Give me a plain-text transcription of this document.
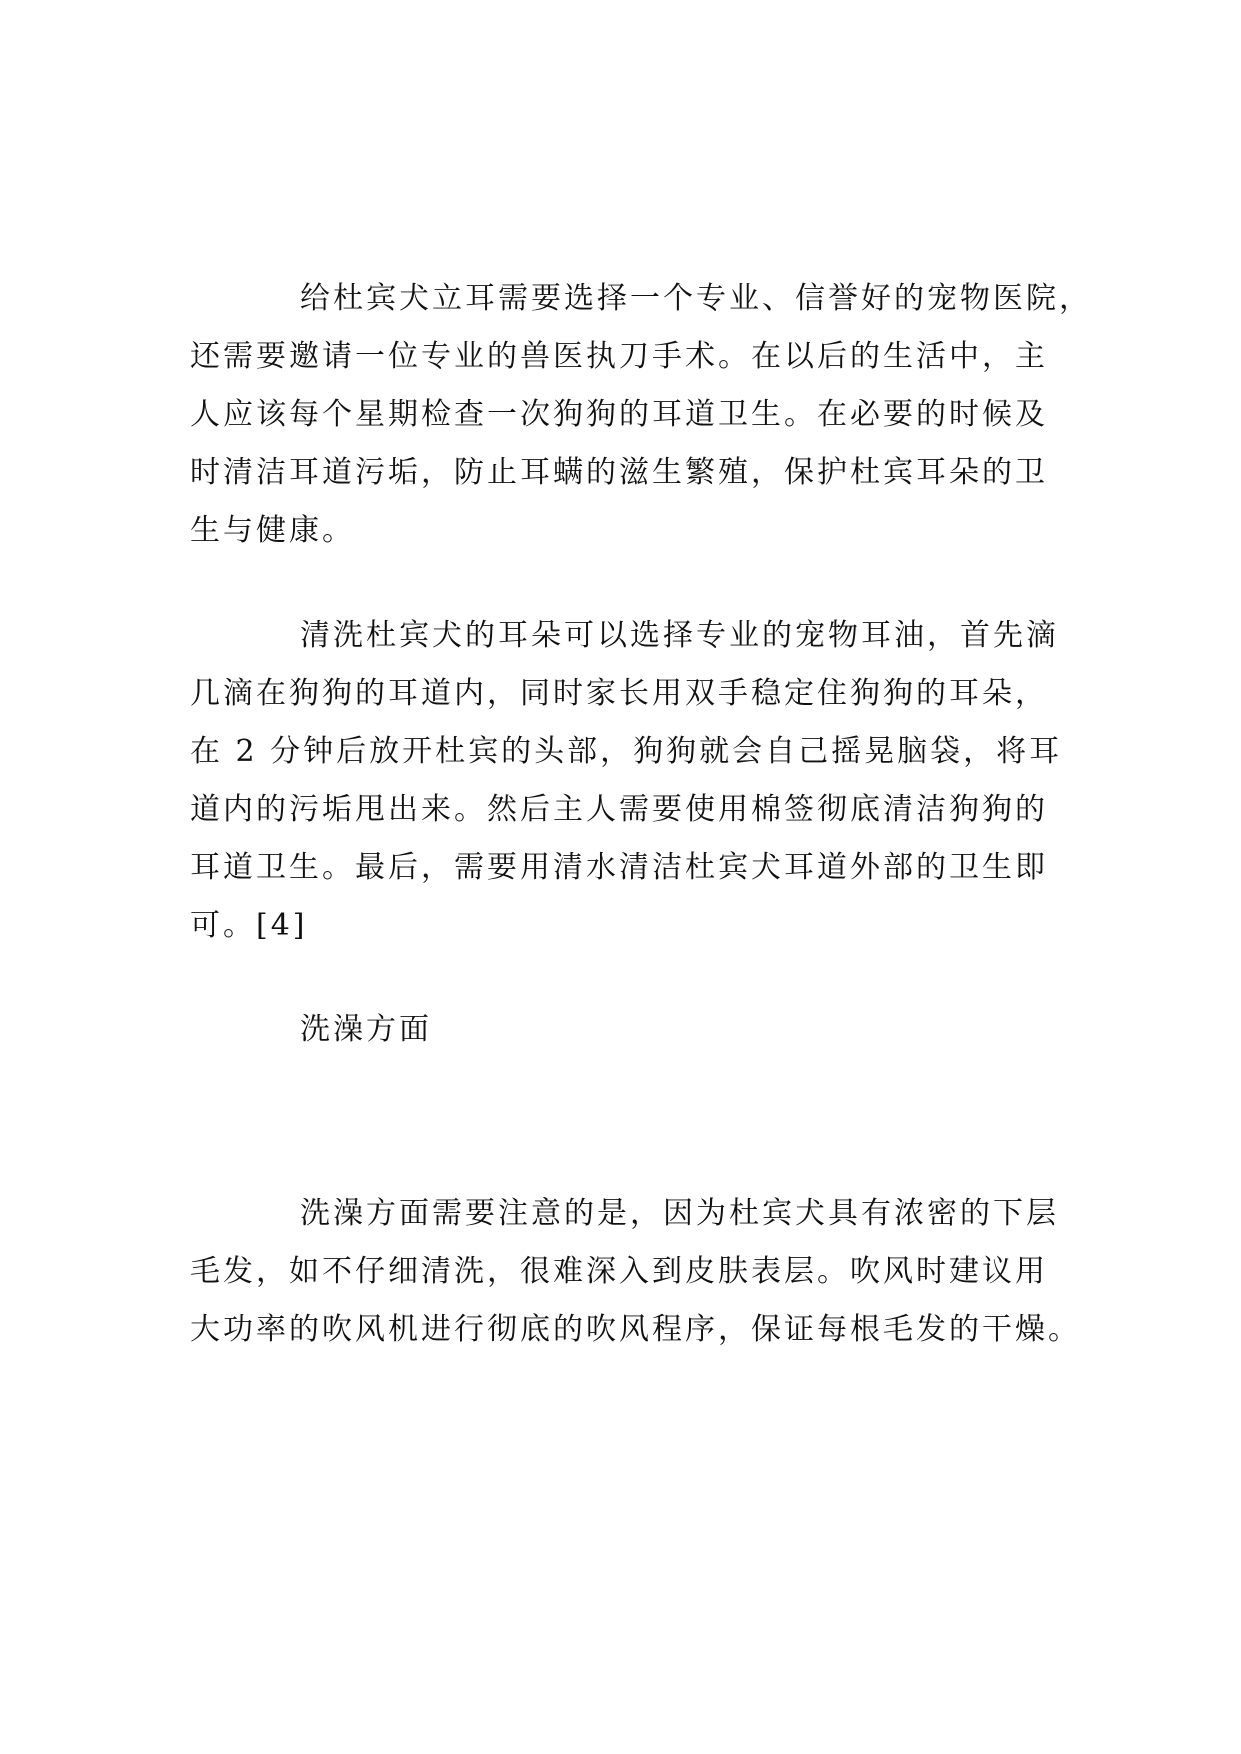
给杜宾犬立耳需要选择一个专业、信誉好的宠物医院，
还需要邀请一位专业的兽医执刀手术。在以后的生活中，主
人应该每个星期检查一次狗狗的耳道卫生。在必要的时候及
时清洁耳道污垢，防止耳螨的滋生繁殖，保护杜宾耳朵的卫
生与健康。
清洗杜宾犬的耳朵可以选择专业的宠物耳油，首先滴
几滴在狗狗的耳道内，同时家长用双手稳定住狗狗的耳朵，
在 2 分钟后放开杜宾的头部，狗狗就会自己摇晃脑袋，将耳
道内的污垢甩出来。然后主人需要使用棉签彻底清洁狗狗的
耳道卫生。最后，需要用清水清洁杜宾犬耳道外部的卫生即
可。[4]
洗澡方面
洗澡方面需要注意的是，因为杜宾犬具有浓密的下层
毛发，如不仔细清洗，很难深入到皮肤表层。吹风时建议用
大功率的吹风机进行彻底的吹风程序，保证每根毛发的干燥。
